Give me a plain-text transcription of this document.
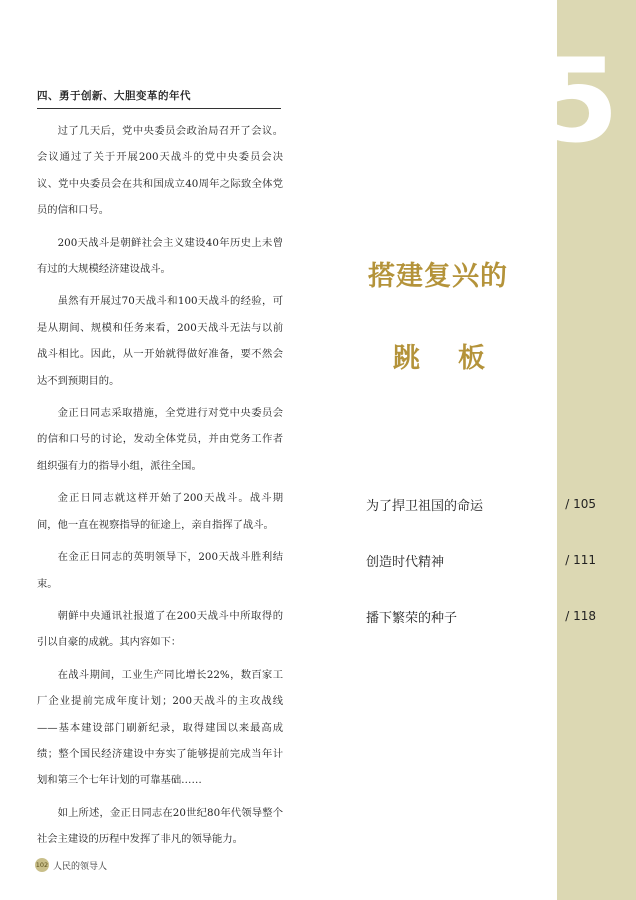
四、勇于创新、大胆变革的年代

过了几天后，党中央委员会政治局召开了会议。会议通过了关于开展200天战斗的党中央委员会决议、党中央委员会在共和国成立40周年之际致全体党员的信和口号。

200天战斗是朝鲜社会主义建设40年历史上未曾有过的大规模经济建设战斗。

虽然有开展过70天战斗和100天战斗的经验，可是从期间、规模和任务来看，200天战斗无法与以前战斗相比。因此，从一开始就得做好准备，要不然会达不到预期目的。

金正日同志采取措施，全党进行对党中央委员会的信和口号的讨论，发动全体党员，并由党务工作者组织强有力的指导小组，派往全国。

金正日同志就这样开始了200天战斗。战斗期间，他一直在视察指导的征途上，亲自指挥了战斗。

在金正日同志的英明领导下，200天战斗胜利结束。

朝鲜中央通讯社报道了在200天战斗中所取得的引以自豪的成就。其内容如下：

在战斗期间，工业生产同比增长22%，数百家工厂企业提前完成年度计划；200天战斗的主攻战线——基本建设部门刷新纪录，取得建国以来最高成绩；整个国民经济建设中夯实了能够提前完成当年计划和第三个七年计划的可靠基础……

如上所述，金正日同志在20世纪80年代领导整个社会主建设的历程中发挥了非凡的领导能力。

102 人民的领导人
5
搭建复兴的
跳板
为了捍卫祖国的命运	/ 105
创造时代精神	/ 111
播下繁荣的种子	/ 118
